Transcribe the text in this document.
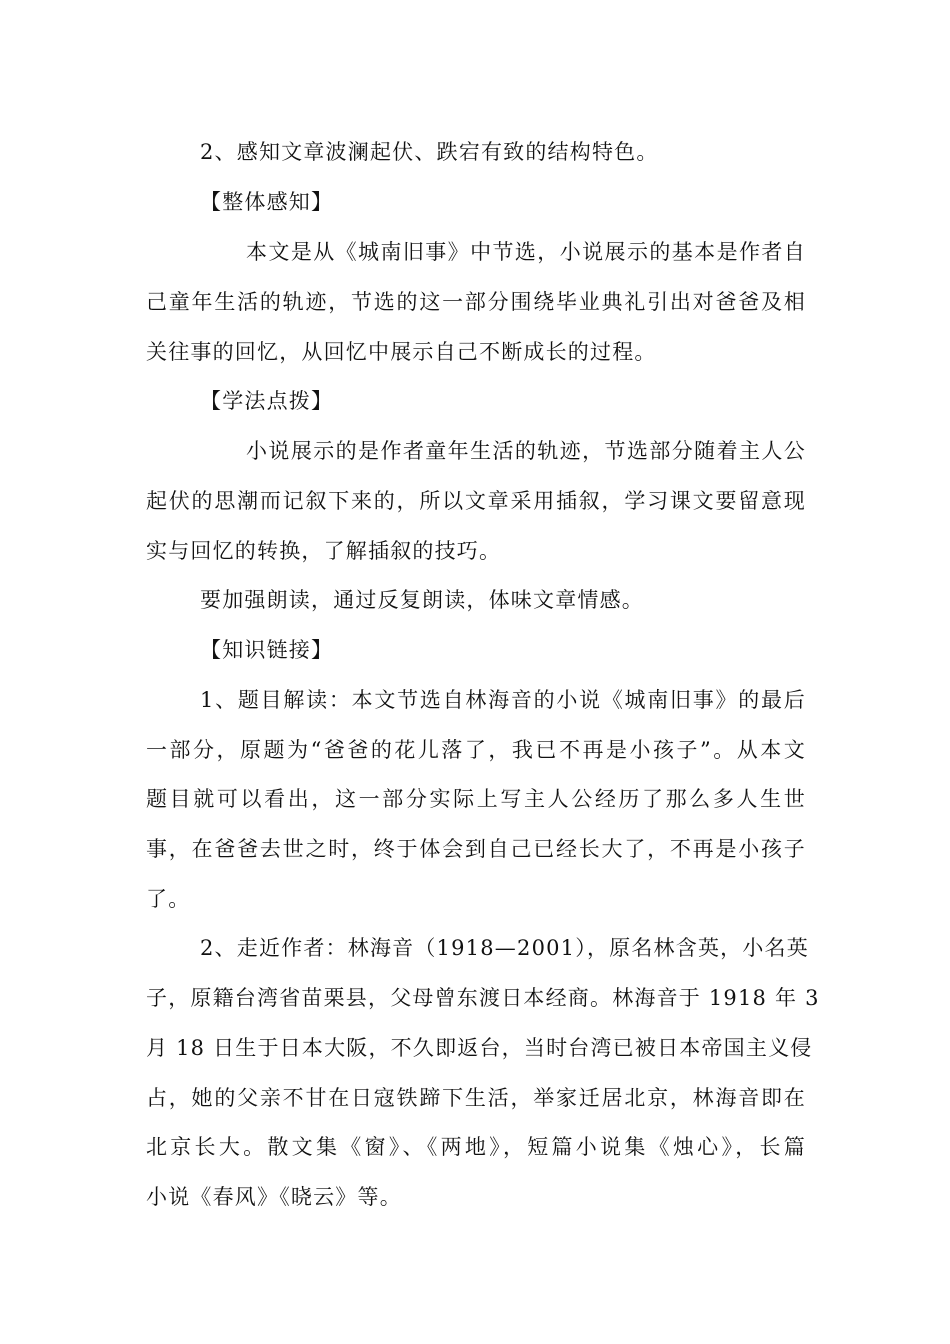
2、感知文章波澜起伏、跌宕有致的结构特色。
【整体感知】
本文是从《城南旧事》中节选，小说展示的基本是作者自
己童年生活的轨迹，节选的这一部分围绕毕业典礼引出对爸爸及相
关往事的回忆，从回忆中展示自己不断成长的过程。
【学法点拨】
小说展示的是作者童年生活的轨迹，节选部分随着主人公
起伏的思潮而记叙下来的，所以文章采用插叙，学习课文要留意现
实与回忆的转换，了解插叙的技巧。
要加强朗读，通过反复朗读，体味文章情感。
【知识链接】
1、题目解读：本文节选自林海音的小说《城南旧事》的最后
一部分，原题为“爸爸的花儿落了，我已不再是小孩子”。从本文
题目就可以看出，这一部分实际上写主人公经历了那么多人生世
事，在爸爸去世之时，终于体会到自己已经长大了，不再是小孩子
了。
2、走近作者：林海音（1918—2001），原名林含英，小名英
子，原籍台湾省苗栗县，父母曾东渡日本经商。林海音于 1918 年 3
月 18 日生于日本大阪，不久即返台，当时台湾已被日本帝国主义侵
占，她的父亲不甘在日寇铁蹄下生活，举家迁居北京，林海音即在
北京长大。散文集《窗》、《两地》，短篇小说集《烛心》，长篇
小说《春风》《晓云》等。
